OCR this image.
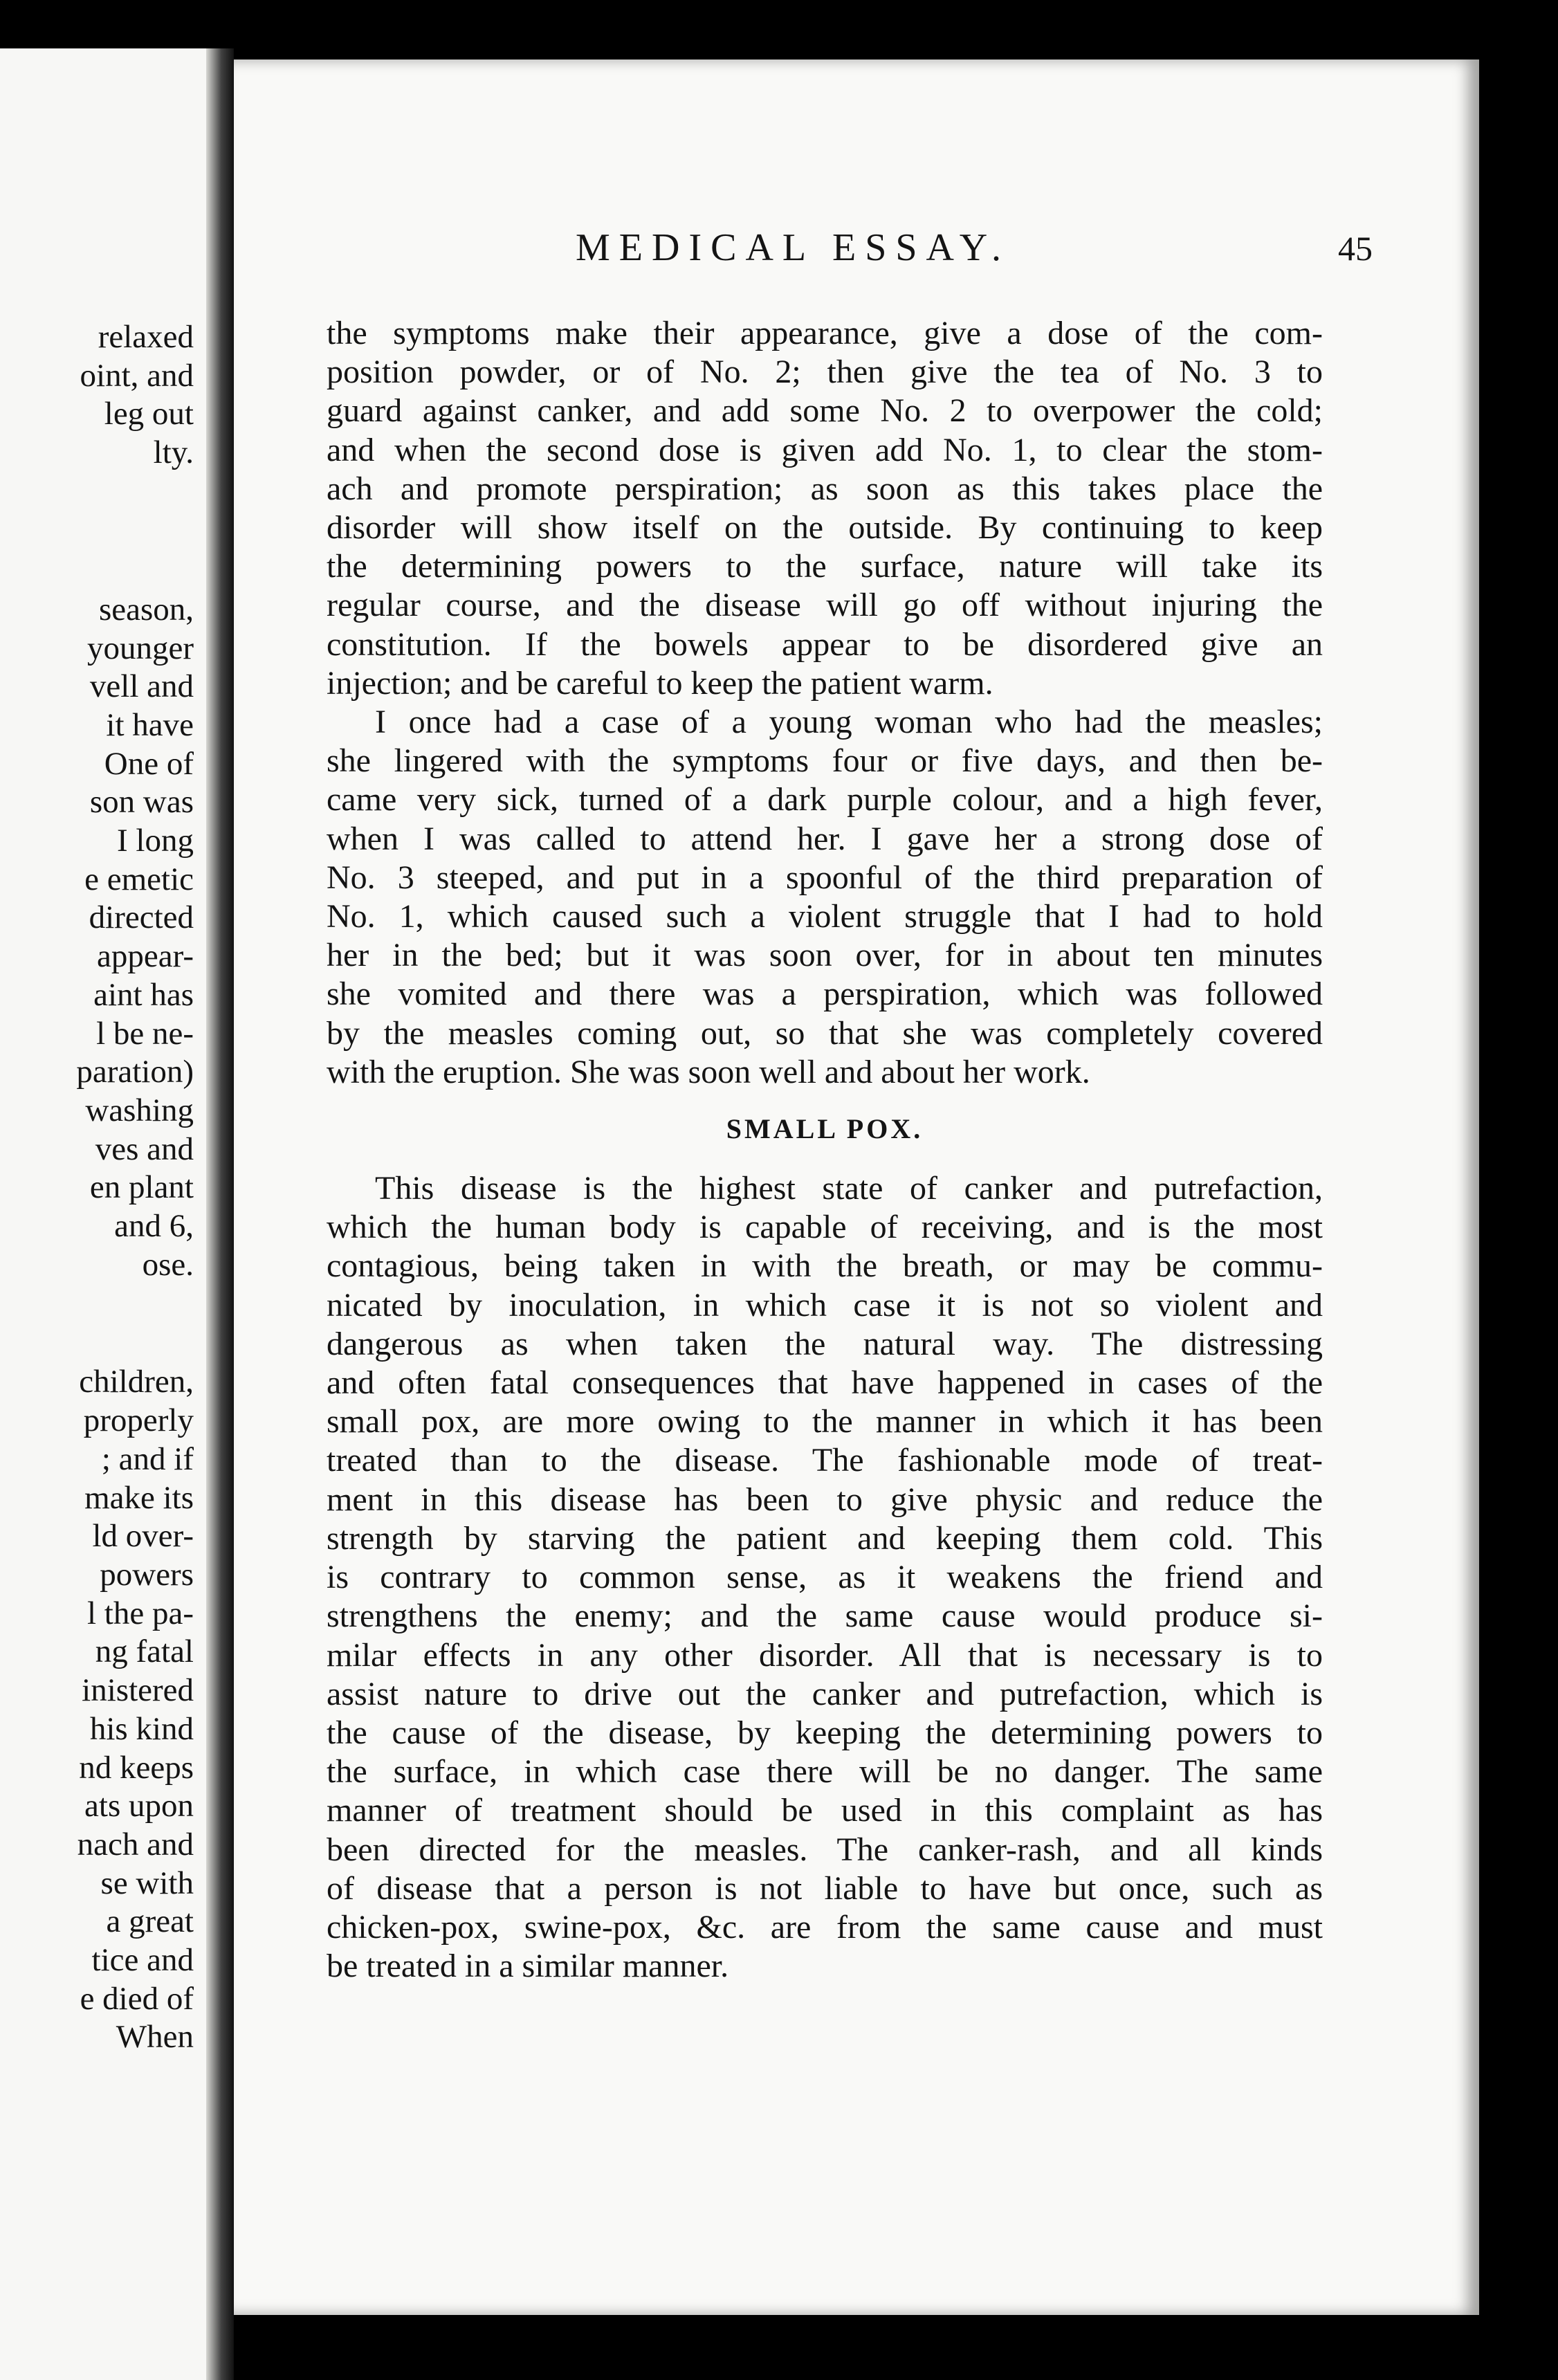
relaxed
oint, and
leg out
lty.
season,
younger
vell and
it have
One of
son was
I long
e emetic
directed
appear-
aint has
l be ne-
paration)
washing
ves and
en plant
and 6,
ose.
children,
properly
; and if
make its
ld over-
powers
l the pa-
ng fatal
inistered
his kind
nd keeps
ats upon
nach and
se with
a great
tice and
e died of
When
MEDICAL ESSAY.	45

the symptoms make their appearance, give a dose of the com-

position powder, or of No. 2; then give the tea of No. 3 to

guard against canker, and add some No. 2 to overpower the cold;

and when the second dose is given add No. 1, to clear the stom-

ach and promote perspiration; as soon as this takes place the

disorder will show itself on the outside. By continuing to keep

the determining powers to the surface, nature will take its

regular course, and the disease will go off without injuring the

constitution. If the bowels appear to be disordered give an

injection; and be careful to keep the patient warm.

I once had a case of a young woman who had the measles;

she lingered with the symptoms four or five days, and then be-

came very sick, turned of a dark purple colour, and a high fever,

when I was called to attend her. I gave her a strong dose of

No. 3 steeped, and put in a spoonful of the third preparation of

No. 1, which caused such a violent struggle that I had to hold

her in the bed; but it was soon over, for in about ten minutes

she vomited and there was a perspiration, which was followed

by the measles coming out, so that she was completely covered

with the eruption. She was soon well and about her work.

SMALL POX.

This disease is the highest state of canker and putrefaction,

which the human body is capable of receiving, and is the most

contagious, being taken in with the breath, or may be commu-

nicated by inoculation, in which case it is not so violent and

dangerous as when taken the natural way. The distressing

and often fatal consequences that have happened in cases of the

small pox, are more owing to the manner in which it has been

treated than to the disease. The fashionable mode of treat-

ment in this disease has been to give physic and reduce the

strength by starving the patient and keeping them cold. This

is contrary to common sense, as it weakens the friend and

strengthens the enemy; and the same cause would produce si-

milar effects in any other disorder. All that is necessary is to

assist nature to drive out the canker and putrefaction, which is

the cause of the disease, by keeping the determining powers to

the surface, in which case there will be no danger. The same

manner of treatment should be used in this complaint as has

been directed for the measles. The canker-rash, and all kinds

of disease that a person is not liable to have but once, such as

chicken-pox, swine-pox, &c. are from the same cause and must

be treated in a similar manner.
